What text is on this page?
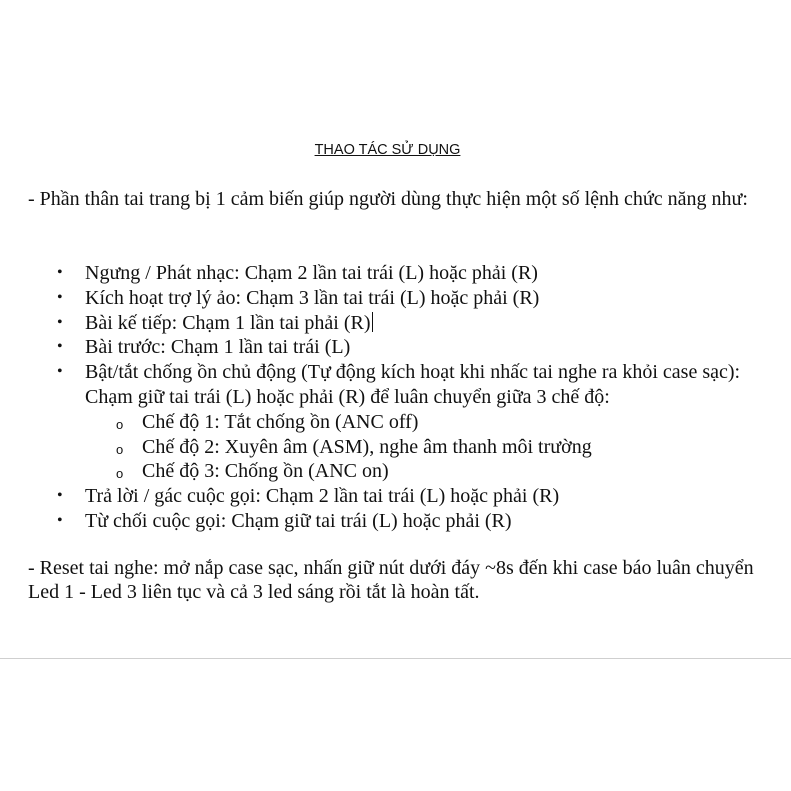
THAO TÁC SỬ DỤNG

- Phần thân tai trang bị 1 cảm biến giúp người dùng thực hiện một số lệnh chức năng như:

• Ngưng / Phát nhạc: Chạm 2 lần tai trái (L) hoặc phải (R)
• Kích hoạt trợ lý ảo: Chạm 3 lần tai trái (L) hoặc phải (R)
• Bài kế tiếp: Chạm 1 lần tai phải (R)
• Bài trước: Chạm 1 lần tai trái (L)
• Bật/tắt chống ồn chủ động (Tự động kích hoạt khi nhấc tai nghe ra khỏi case sạc): Chạm giữ tai trái (L) hoặc phải (R) để luân chuyển giữa 3 chế độ:
o Chế độ 1: Tắt chống ồn (ANC off)
o Chế độ 2: Xuyên âm (ASM), nghe âm thanh môi trường
o Chế độ 3: Chống ồn (ANC on)
• Trả lời / gác cuộc gọi: Chạm 2 lần tai trái (L) hoặc phải (R)
• Từ chối cuộc gọi: Chạm giữ tai trái (L) hoặc phải (R)

- Reset tai nghe: mở nắp case sạc, nhấn giữ nút dưới đáy ~8s đến khi case báo luân chuyển Led 1 - Led 3 liên tục và cả 3 led sáng rồi tắt là hoàn tất.
